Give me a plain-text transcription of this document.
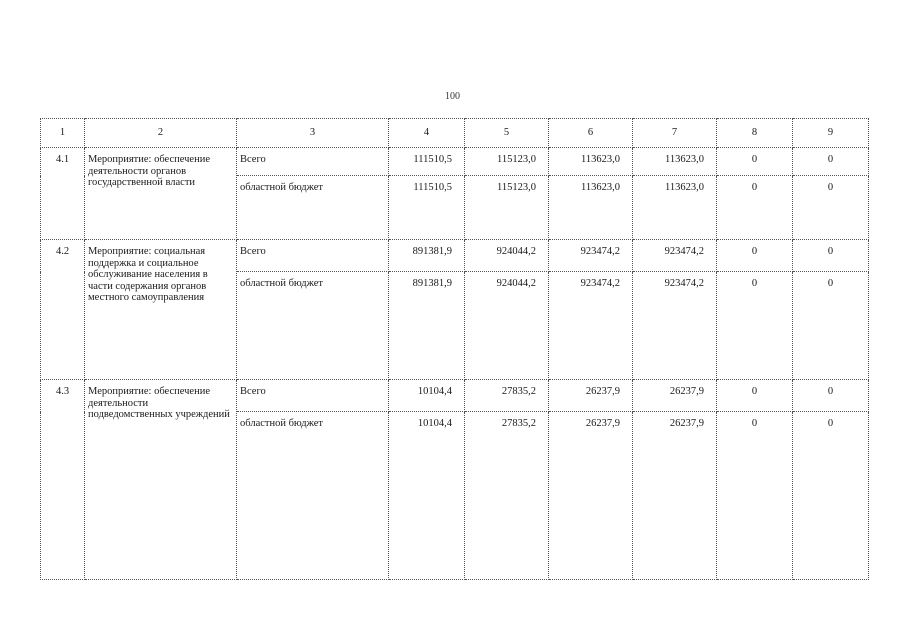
100
1	2	3	4	5	6	7	8	9
4.1	Мероприятие: обеспечение деятельности органов государственной власти	Всего	111510,5	115123,0	113623,0	113623,0	0	0
		областной бюджет	111510,5	115123,0	113623,0	113623,0	0	0
4.2	Мероприятие: социальная поддержка и социальное обслуживание населения в части содержания органов местного самоуправления	Всего	891381,9	924044,2	923474,2	923474,2	0	0
		областной бюджет	891381,9	924044,2	923474,2	923474,2	0	0
4.3	Мероприятие: обеспечение деятельности подведомственных учреждений	Всего	10104,4	27835,2	26237,9	26237,9	0	0
		областной бюджет	10104,4	27835,2	26237,9	26237,9	0	0
